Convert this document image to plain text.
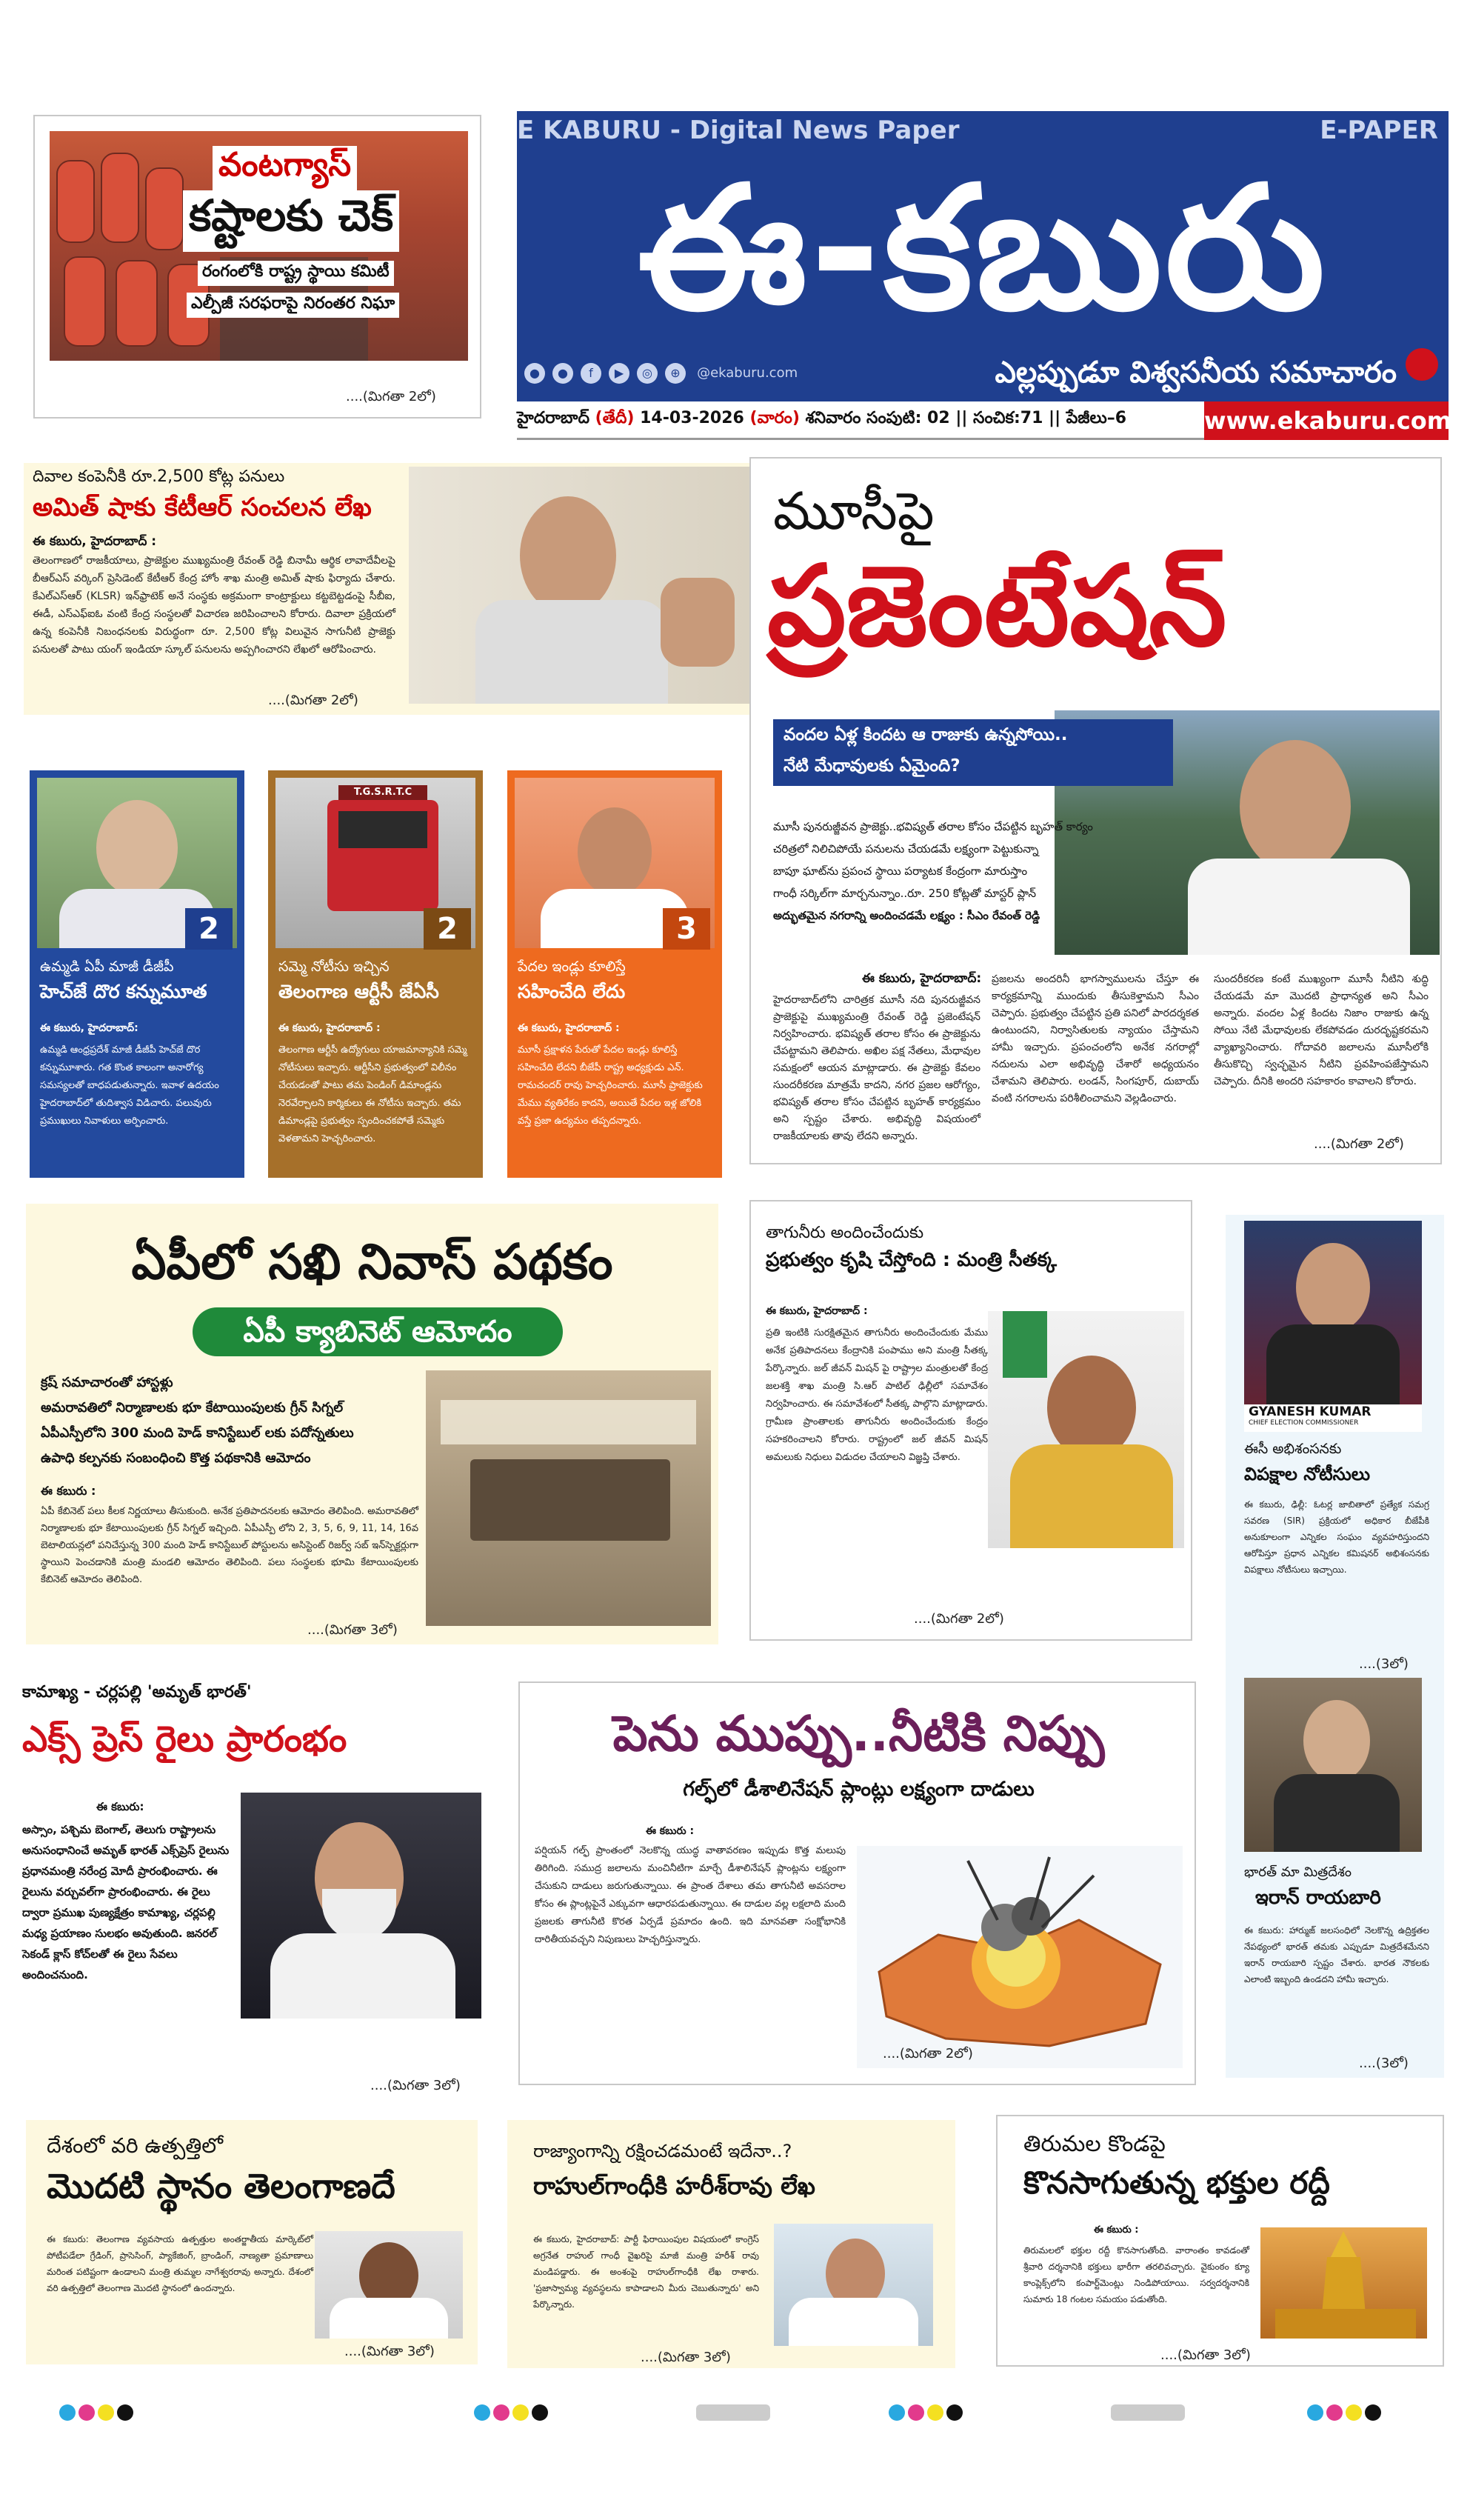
వంటగ్యాస్
కష్టాలకు చెక్
రంగంలోకి రాష్ట్ర స్థాయి కమిటీ
ఎల్పీజీ సరఫరాపై నిరంతర నిఘా
....(మిగతా 2లో)
E KABURU - Digital News Paper	E-PAPER
ఈ-కబురు
● ● f ▶ ◎ ⊕ @ekaburu.com	ఎల్లప్పుడూ విశ్వసనీయ సమాచారం
హైదరాబాద్ (తేదీ) 14-03-2026 (వారం) శనివారం సంపుటి: 02 || సంచిక:71 || పేజీలు–6	www.ekaburu.com
దివాల కంపెనీకి రూ.2,500 కోట్ల పనులు
అమిత్ షాకు కేటీఆర్ సంచలన లేఖ
ఈ కబురు, హైదరాబాద్ :
తెలంగాణలో రాజకీయాలు, ప్రాజెక్టుల ముఖ్యమంత్రి రేవంత్ రెడ్డి బినామీ ఆర్థిక లావాదేవీలపై బీఆర్ఎస్ వర్కింగ్ ప్రెసిడెంట్ కేటీఆర్ కేంద్ర హోం శాఖ మంత్రి అమిత్ షాకు ఫిర్యాదు చేశారు. కేఎల్ఎస్ఆర్ (KLSR) ఇన్‌ఫ్రాటెక్ అనే సంస్థకు అక్రమంగా కాంట్రాక్టులు కట్టబెట్టడంపై సీబీఐ, ఈడీ, ఎస్ఎఫ్ఐఓ వంటి కేంద్ర సంస్థలతో విచారణ జరిపించాలని కోరారు. దివాలా ప్రక్రియలో ఉన్న కంపెనీకి నిబంధనలకు విరుద్ధంగా రూ. 2,500 కోట్ల విలువైన సాగునీటి ప్రాజెక్టు పనులతో పాటు యంగ్ ఇండియా స్కూల్ పనులను అప్పగించారని లేఖలో ఆరోపించారు.
....(మిగతా 2లో)
మూసీపై
ప్రజెంటేషన్
వందల ఏళ్ల కిందట ఆ రాజుకు ఉన్నసోయి..
నేటి మేధావులకు ఏమైంది?
మూసీ పునరుజ్జీవన ప్రాజెక్టు..భవిష్యత్ తరాల కోసం చేపట్టిన బృహత్ కార్యం
చరిత్రలో నిలిచిపోయే పనులను చేయడమే లక్ష్యంగా పెట్టుకున్నా
బాపూ ఘాట్‌ను ప్రపంచ స్థాయి పర్యాటక కేంద్రంగా మారుస్తాం
గాంధీ సర్కిల్‌గా మార్చనున్నాం..రూ. 250 కోట్లతో మాస్టర్ ప్లాన్
అద్భుతమైన నగరాన్ని అందించడమే లక్ష్యం : సీఎం రేవంత్ రెడ్డి
ఈ కబురు, హైదరాబాద్:
హైదరాబాద్‌లోని చారిత్రక మూసీ నది పునరుజ్జీవన ప్రాజెక్టుపై ముఖ్యమంత్రి రేవంత్ రెడ్డి ప్రజెంటేషన్ నిర్వహించారు. భవిష్యత్ తరాల కోసం ఈ ప్రాజెక్టును చేపట్టామని తెలిపారు. అఖిల పక్ష నేతలు, మేధావుల సమక్షంలో ఆయన మాట్లాడారు. ఈ ప్రాజెక్టు కేవలం సుందరీకరణ మాత్రమే కాదని, నగర ప్రజల ఆరోగ్యం, భవిష్యత్ తరాల కోసం చేపట్టిన బృహత్ కార్యక్రమం అని స్పష్టం చేశారు. అభివృద్ధి విషయంలో రాజకీయాలకు తావు లేదని అన్నారు.
ప్రజలను అందరినీ భాగస్వాములను చేస్తూ ఈ కార్యక్రమాన్ని ముందుకు తీసుకెళ్తామని సీఎం చెప్పారు. ప్రభుత్వం చేపట్టిన ప్రతి పనిలో పారదర్శకత ఉంటుందని, నిర్వాసితులకు న్యాయం చేస్తామని హామీ ఇచ్చారు. ప్రపంచంలోని అనేక నగరాల్లో నదులను ఎలా అభివృద్ధి చేశారో అధ్యయనం చేశామని తెలిపారు. లండన్, సింగపూర్, దుబాయ్ వంటి నగరాలను పరిశీలించామని వెల్లడించారు.
సుందరీకరణ కంటే ముఖ్యంగా మూసీ నీటిని శుద్ధి చేయడమే మా మొదటి ప్రాధాన్యత అని సీఎం అన్నారు. వందల ఏళ్ల కిందట నిజాం రాజుకు ఉన్న సోయి నేటి మేధావులకు లేకపోవడం దురదృష్టకరమని వ్యాఖ్యానించారు. గోదావరి జలాలను మూసీలోకి తీసుకొచ్చి స్వచ్ఛమైన నీటిని ప్రవహింపజేస్తామని చెప్పారు. దీనికి అందరి సహకారం కావాలని కోరారు.
....(మిగతా 2లో)
2
ఉమ్మడి ఏపీ మాజీ డీజీపీ
హెచ్‌జే దొర కన్నుమూత
ఈ కబురు, హైదరాబాద్:
ఉమ్మడి ఆంధ్రప్రదేశ్ మాజీ డీజీపీ హెచ్‌జే దొర కన్నుమూశారు. గత కొంత కాలంగా అనారోగ్య సమస్యలతో బాధపడుతున్నారు. ఇవాళ ఉదయం హైదరాబాద్‌లో తుదిశ్వాస విడిచారు. పలువురు ప్రముఖులు నివాళులు అర్పించారు.
T.G.S.R.T.C
2
సమ్మె నోటీసు ఇచ్చిన
తెలంగాణ ఆర్టీసీ జేఏసీ
ఈ కబురు, హైదరాబాద్ :
తెలంగాణ ఆర్టీసీ ఉద్యోగులు యాజమాన్యానికి సమ్మె నోటీసులు ఇచ్చారు. ఆర్టీసీని ప్రభుత్వంలో విలీనం చేయడంతో పాటు తమ పెండింగ్ డిమాండ్లను నెరవేర్చాలని కార్మికులు ఈ నోటీసు ఇచ్చారు. తమ డిమాండ్లపై ప్రభుత్వం స్పందించకపోతే సమ్మెకు వెళతామని హెచ్చరించారు.
3
పేదల ఇండ్లు కూలిస్తే
సహించేది లేదు
ఈ కబురు, హైదరాబాద్ :
మూసీ ప్రక్షాళన పేరుతో పేదల ఇండ్లు కూలిస్తే సహించేది లేదని బీజేపీ రాష్ట్ర అధ్యక్షుడు ఎన్. రామచందర్ రావు హెచ్చరించారు. మూసీ ప్రాజెక్టుకు మేము వ్యతిరేకం కాదని, అయితే పేదల ఇళ్ల జోలికి వస్తే ప్రజా ఉద్యమం తప్పదన్నారు.
ఏపీలో సఖి నివాస్ పథకం
ఏపీ క్యాబినెట్ ఆమోదం
క్రష్ సమాచారంతో హాస్టళ్లు
అమరావతిలో నిర్మాణాలకు భూ కేటాయింపులకు గ్రీన్ సిగ్నల్
ఏపీఎస్పీలోని 300 మంది హెడ్ కానిస్టేబుల్ లకు పదోన్నతులు
ఉపాధి కల్పనకు సంబంధించి కొత్త పథకానికి ఆమోదం
ఈ కబురు :
ఏపీ కేబినెట్ పలు కీలక నిర్ణయాలు తీసుకుంది. అనేక ప్రతిపాదనలకు ఆమోదం తెలిపింది. అమరావతిలో నిర్మాణాలకు భూ కేటాయింపులకు గ్రీన్ సిగ్నల్ ఇచ్చింది. ఏపీఎస్పీ లోని 2, 3, 5, 6, 9, 11, 14, 16వ బెటాలియన్లలో పనిచేస్తున్న 300 మంది హెడ్ కానిస్టేబుల్ పోస్టులను అసిస్టెంట్ రిజర్వ్ సబ్ ఇన్‌స్పెక్టర్లుగా స్థాయిని పెంచడానికి మంత్రి మండలి ఆమోదం తెలిపింది. పలు సంస్థలకు భూమి కేటాయింపులకు కేబినెట్ ఆమోదం తెలిపింది.
....(మిగతా 3లో)
తాగునీరు అందించేందుకు
ప్రభుత్వం కృషి చేస్తోంది : మంత్రి సీతక్క
ఈ కబురు, హైదరాబాద్ :
ప్రతి ఇంటికి సురక్షితమైన తాగునీరు అందించేందుకు మేము అనేక ప్రతిపాదనలు కేంద్రానికి పంపాము అని మంత్రి సీతక్క పేర్కొన్నారు. జల్ జీవన్ మిషన్ పై రాష్ట్రాల మంత్రులతో కేంద్ర జలశక్తి శాఖ మంత్రి సి.ఆర్ పాటిల్ ఢిల్లీలో సమావేశం నిర్వహించారు. ఈ సమావేశంలో సీతక్క పాల్గొని మాట్లాడారు. గ్రామీణ ప్రాంతాలకు తాగునీరు అందించేందుకు కేంద్రం సహకరించాలని కోరారు. రాష్ట్రంలో జల్ జీవన్ మిషన్ అమలుకు నిధులు విడుదల చేయాలని విజ్ఞప్తి చేశారు.
....(మిగతా 2లో)
GYANESH KUMAR
CHIEF ELECTION COMMISSIONER
ఈసీ అభిశంసనకు
విపక్షాల నోటీసులు
ఈ కబురు, ఢిల్లీ: ఓటర్ల జాబితాలో ప్రత్యేక సమగ్ర సవరణ (SIR) ప్రక్రియలో అధికార బీజేపీకి అనుకూలంగా ఎన్నికల సంఘం వ్యవహరిస్తుందని ఆరోపిస్తూ ప్రధాన ఎన్నికల కమిషనర్ అభిశంసనకు విపక్షాలు నోటీసులు ఇచ్చాయి.
....(3లో)
భారత్ మా మిత్రదేశం
ఇరాన్ రాయబారి
ఈ కబురు: హార్ముజ్ జలసంధిలో నెలకొన్న ఉద్రిక్తతల నేపథ్యంలో భారత్ తమకు ఎప్పుడూ మిత్రదేశమేనని ఇరాన్ రాయబారి స్పష్టం చేశారు. భారత నౌకలకు ఎలాంటి ఇబ్బంది ఉండదని హామీ ఇచ్చారు.
....(3లో)
కామాఖ్య - చర్లపల్లి 'అమృత్ భారత్'
ఎక్స్ ప్రెస్ రైలు ప్రారంభం
ఈ కబురు:
అస్సాం, పశ్చిమ బెంగాల్, తెలుగు రాష్ట్రాలను అనుసంధానించే అమృత్ భారత్ ఎక్స్‌ప్రెస్ రైలును ప్రధానమంత్రి నరేంద్ర మోదీ ప్రారంభించారు. ఈ రైలును వర్చువల్‌గా ప్రారంభించారు. ఈ రైలు ద్వారా ప్రముఖ పుణ్యక్షేత్రం కామాఖ్య, చర్లపల్లి మధ్య ప్రయాణం సులభం అవుతుంది. జనరల్ సెకండ్ క్లాస్ కోచ్‌లతో ఈ రైలు సేవలు అందించనుంది.
....(మిగతా 3లో)
పెను ముప్పు..నీటికి నిప్పు
గల్ఫ్‌లో డీశాలినేషన్ ప్లాంట్లు లక్ష్యంగా దాడులు
ఈ కబురు :
పర్షియన్ గల్ఫ్ ప్రాంతంలో నెలకొన్న యుద్ధ వాతావరణం ఇప్పుడు కొత్త మలుపు తిరిగింది. సముద్ర జలాలను మంచినీటిగా మార్చే డీశాలినేషన్ ప్లాంట్లను లక్ష్యంగా చేసుకుని దాడులు జరుగుతున్నాయి. ఈ ప్రాంత దేశాలు తమ తాగునీటి అవసరాల కోసం ఈ ప్లాంట్లపైనే ఎక్కువగా ఆధారపడుతున్నాయి. ఈ దాడుల వల్ల లక్షలాది మంది ప్రజలకు తాగునీటి కొరత ఏర్పడే ప్రమాదం ఉంది. ఇది మానవతా సంక్షోభానికి దారితీయవచ్చని నిపుణులు హెచ్చరిస్తున్నారు.
....(మిగతా 2లో)
దేశంలో వరి ఉత్పత్తిలో
మొదటి స్థానం తెలంగాణదే
ఈ కబురు: తెలంగాణ వ్యవసాయ ఉత్పత్తుల అంతర్జాతీయ మార్కెట్‌లో పోటీపడేలా గ్రేడింగ్, ప్రాసెసింగ్, ప్యాకేజింగ్, బ్రాండింగ్, నాణ్యతా ప్రమాణాలు మరింత పటిష్టంగా ఉండాలని మంత్రి తుమ్మల నాగేశ్వరరావు అన్నారు. దేశంలో వరి ఉత్పత్తిలో తెలంగాణ మొదటి స్థానంలో ఉందన్నారు.
....(మిగతా 3లో)
రాజ్యాంగాన్ని రక్షించడమంటే ఇదేనా..?
రాహుల్‌గాంధీకి హరీశ్‌రావు లేఖ
ఈ కబురు, హైదరాబాద్: పార్టీ ఫిరాయింపుల విషయంలో కాంగ్రెస్ అగ్రనేత రాహుల్ గాంధీ వైఖరిపై మాజీ మంత్రి హరీశ్ రావు మండిపడ్డారు. ఈ అంశంపై రాహుల్‌గాంధీకి లేఖ రాశారు. 'ప్రజాస్వామ్య వ్యవస్థలను కాపాడాలని మీరు చెబుతున్నారు' అని పేర్కొన్నారు.
....(మిగతా 3లో)
తిరుమల కొండపై
కొనసాగుతున్న భక్తుల రద్దీ
ఈ కబురు :
తిరుమలలో భక్తుల రద్దీ కొనసాగుతోంది. వారాంతం కావడంతో శ్రీవారి దర్శనానికి భక్తులు భారీగా తరలివచ్చారు. వైకుంఠం క్యూ కాంప్లెక్స్‌లోని కంపార్ట్‌మెంట్లు నిండిపోయాయి. సర్వదర్శనానికి సుమారు 18 గంటల సమయం పడుతోంది.
....(మిగతా 3లో)
